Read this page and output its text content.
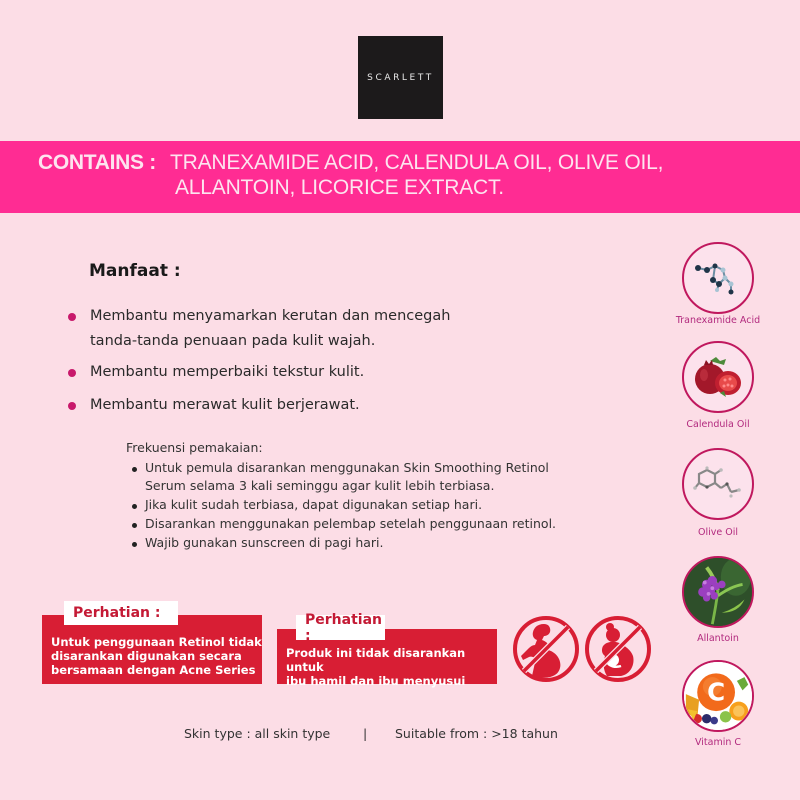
SCARLETT
CONTAINS : TRANEXAMIDE ACID, CALENDULA OIL, OLIVE OIL,
ALLANTOIN, LICORICE EXTRACT.
Manfaat :
Membantu menyamarkan kerutan dan mencegah
tanda-tanda penuaan pada kulit wajah.
Membantu memperbaiki tekstur kulit.
Membantu merawat kulit berjerawat.
Frekuensi pemakaian:
Untuk pemula disarankan menggunakan Skin Smoothing Retinol
Serum selama 3 kali seminggu agar kulit lebih terbiasa.
Jika kulit sudah terbiasa, dapat digunakan setiap hari.
Disarankan menggunakan pelembap setelah penggunaan retinol.
Wajib gunakan sunscreen di pagi hari.
Untuk penggunaan Retinol tidak
disarankan digunakan secara
bersamaan dengan Acne Series
Perhatian :
Produk ini tidak disarankan untuk
ibu hamil dan ibu menyusui
Perhatian :
Tranexamide Acid
Calendula Oil
Olive Oil
Allantoin
C
Vitamin C
Skin type : all skin type	| Suitable from : >18 tahun
